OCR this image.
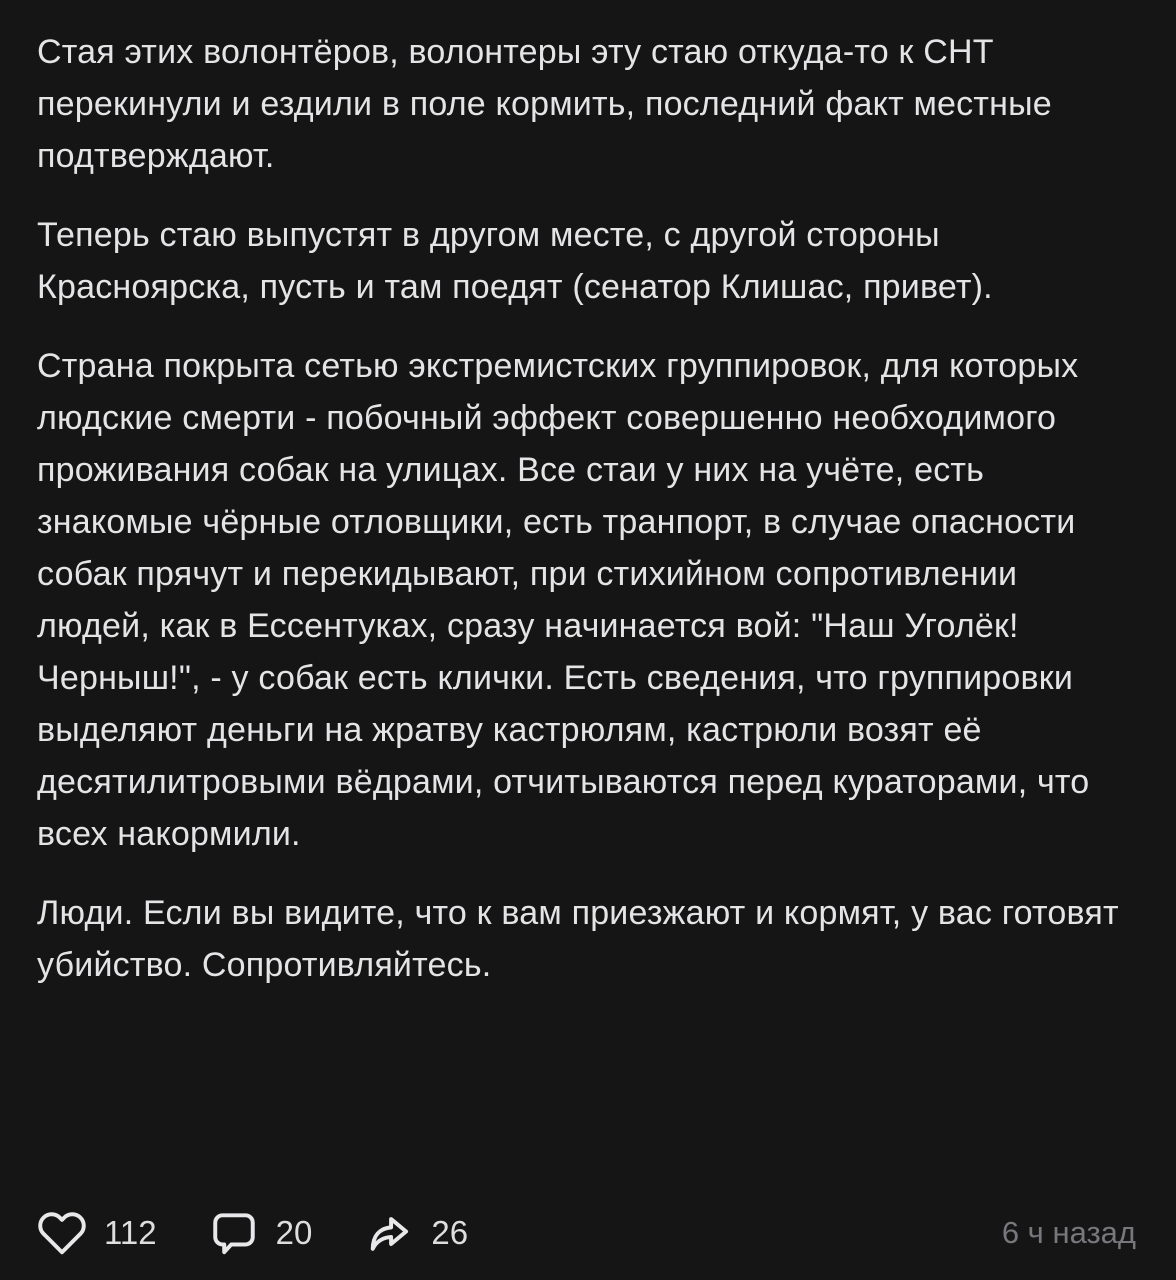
Стая этих волонтёров, волонтеры эту стаю откуда-то к СНТ перекинули и ездили в поле кормить, последний факт местные подтверждают.

Теперь стаю выпустят в другом месте, с другой стороны Красноярска, пусть и там поедят (сенатор Клишас, привет).

Страна покрыта сетью экстремистских группировок, для которых людские смерти - побочный эффект совершенно необходимого проживания собак на улицах. Все стаи у них на учёте, есть знакомые чёрные отловщики, есть транпорт, в случае опасности собак прячут и перекидывают, при стихийном сопротивлении людей, как в Ессентуках, сразу начинается вой: "Наш Уголёк! Черныш!", - у собак есть клички. Есть сведения, что группировки выделяют деньги на жратву кастрюлям, кастрюли возят её десятилитровыми вёдрами, отчитываются перед кураторами, что всех накормили.

Люди. Если вы видите, что к вам приезжают и кормят, у вас готовят убийство. Сопротивляйтесь.

112	20	26	6 ч назад
